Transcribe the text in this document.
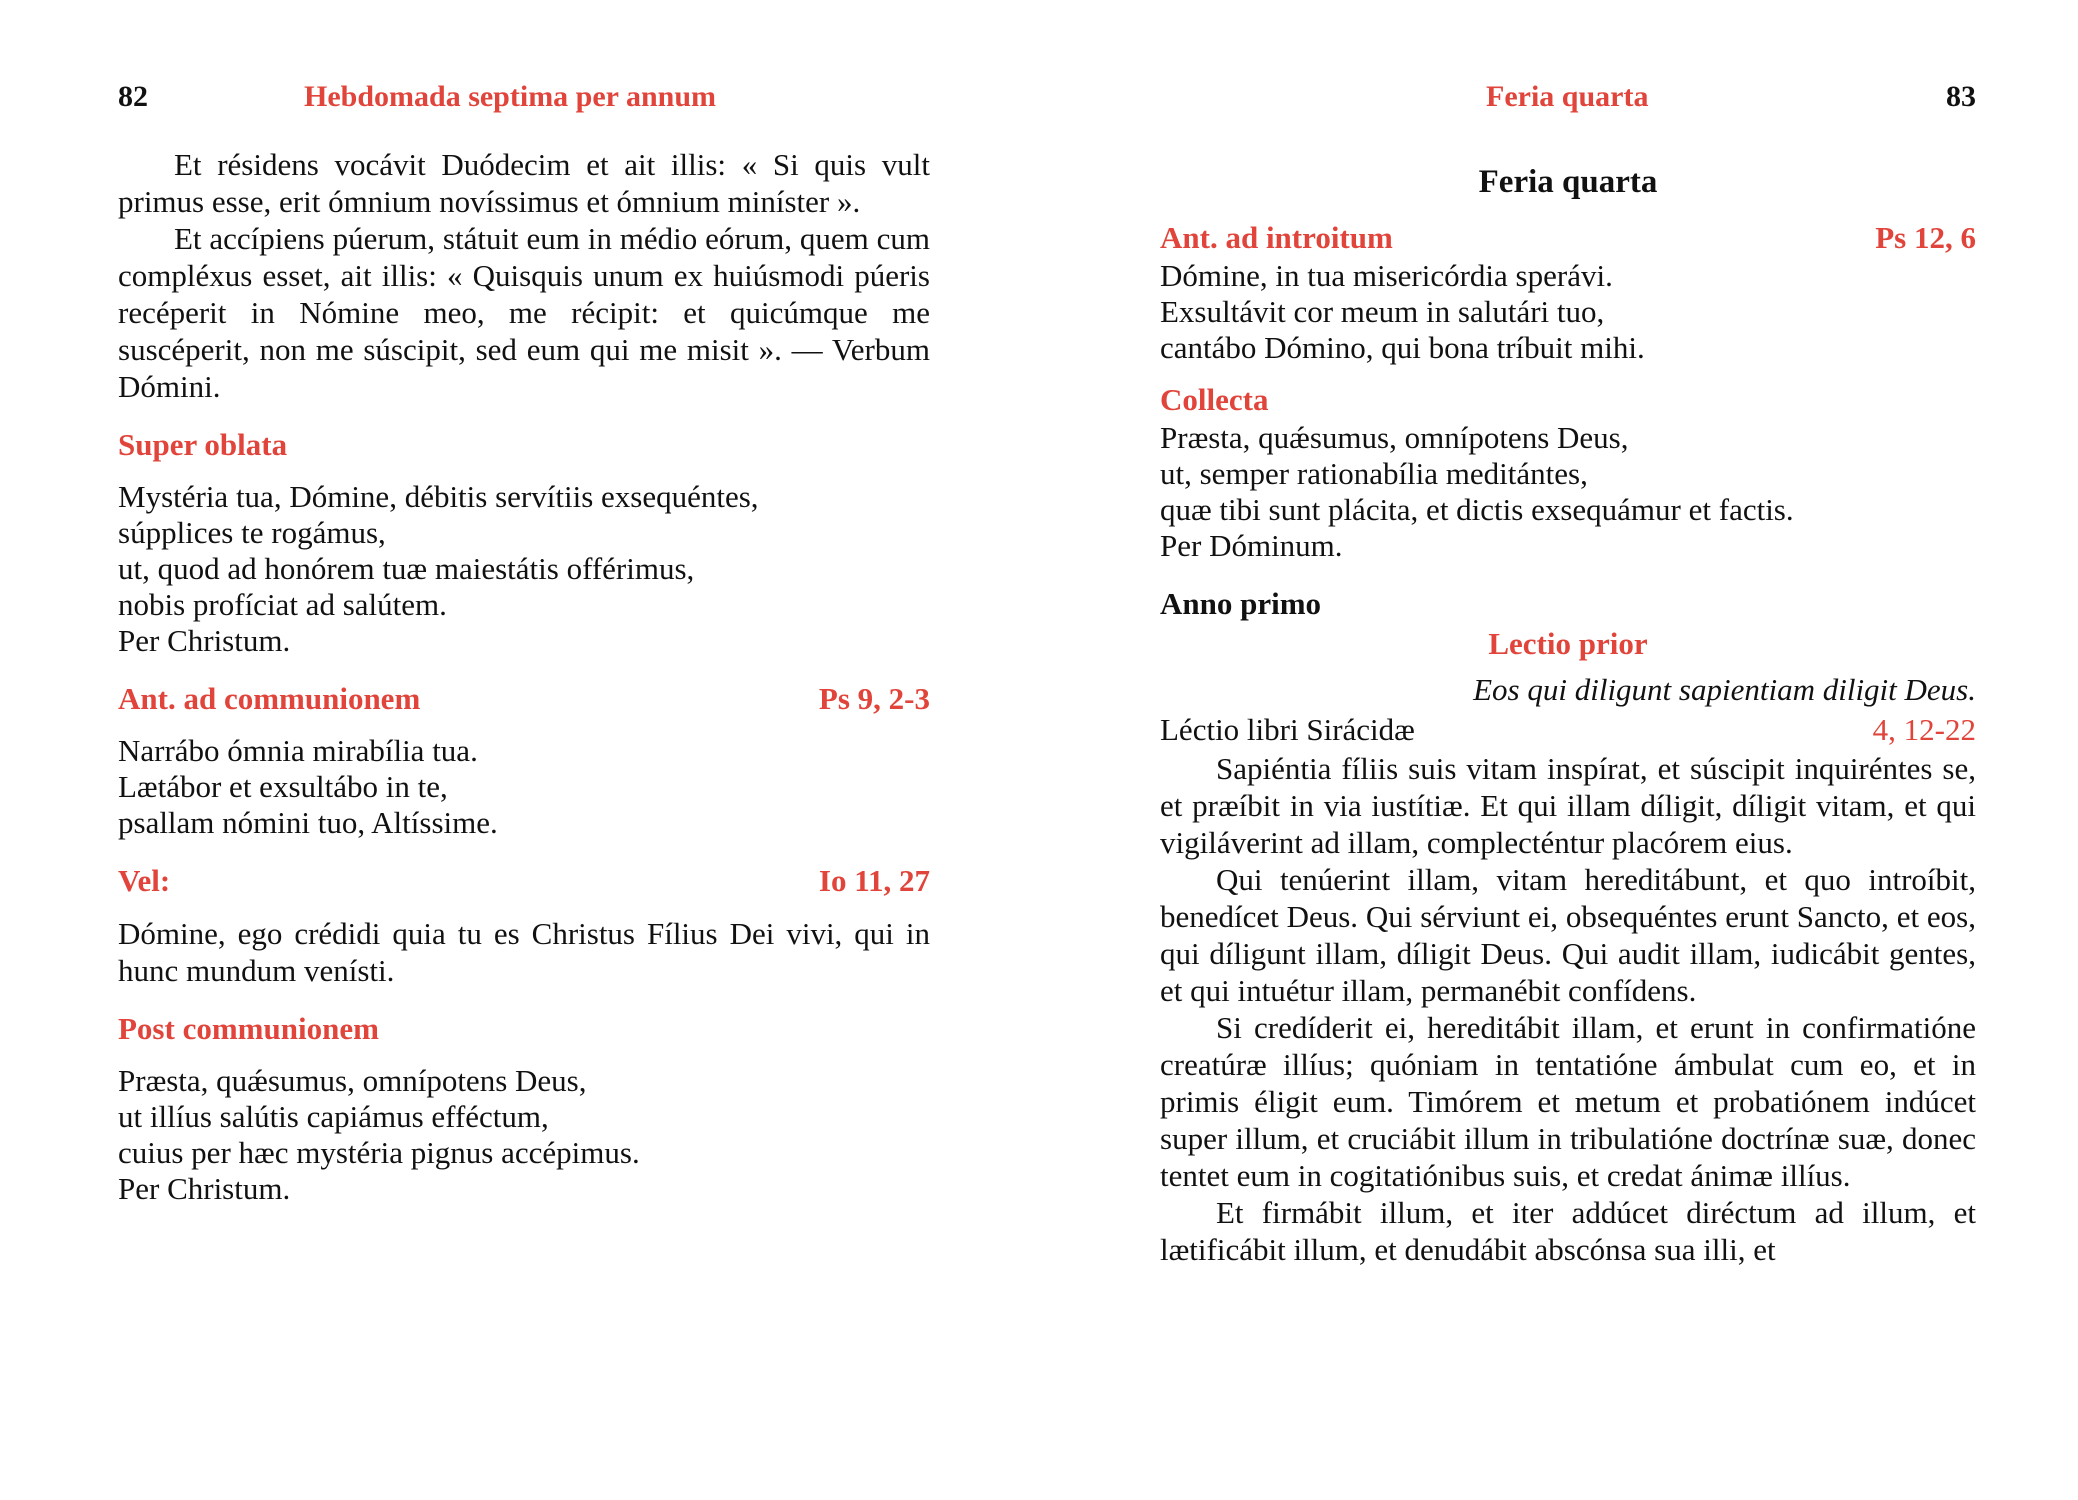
82	Hebdomada septima per annum

Et résidens vocávit Duódecim et ait illis: « Si quis vult primus esse, erit ómnium novíssimus et ómnium miníster ».

Et accípiens púerum, státuit eum in médio eórum, quem cum compléxus esset, ait illis: « Quisquis unum ex huiúsmodi púeris recéperit in Nómine meo, me récipit: et quicúmque me suscéperit, non me súscipit, sed eum qui me misit ». — Verbum Dómini.

Super oblata

Mystéria tua, Dómine, débitis servítiis exsequéntes,

súpplices te rogámus,

ut, quod ad honórem tuæ maiestátis offérimus,

nobis profíciat ad salútem.

Per Christum.

Ant. ad communionem	Ps 9, 2-3

Narrábo ómnia mirabília tua.

Lætábor et exsultábo in te,

psallam nómini tuo, Altíssime.

Vel:	Io 11, 27

Dómine, ego crédidi quia tu es Christus Fílius Dei vivi, qui in hunc mundum venísti.

Post communionem

Præsta, quǽsumus, omnípotens Deus,

ut illíus salútis capiámus efféctum,

cuius per hæc mystéria pignus accépimus.

Per Christum.

Feria quarta	83

Feria quarta

Ant. ad introitum	Ps 12, 6

Dómine, in tua misericórdia sperávi.

Exsultávit cor meum in salutári tuo,

cantábo Dómino, qui bona tríbuit mihi.

Collecta

Præsta, quǽsumus, omnípotens Deus,

ut, semper rationabília meditántes,

quæ tibi sunt plácita, et dictis exsequámur et factis.

Per Dóminum.

Anno primo

Lectio prior

Eos qui diligunt sapientiam diligit Deus.

Léctio libri Sirácidæ	4, 12-22

Sapiéntia fíliis suis vitam inspírat, et súscipit inquiréntes se, et præíbit in via iustítiæ. Et qui illam díligit, díligit vitam, et qui vigiláverint ad illam, complecténtur placórem eius.

Qui tenúerint illam, vitam hereditábunt, et quo introíbit, benedícet Deus. Qui sérviunt ei, obsequéntes erunt Sancto, et eos, qui díligunt illam, díligit Deus. Qui audit illam, iudicábit gentes, et qui intuétur illam, permanébit confídens.

Si credíderit ei, hereditábit illam, et erunt in confirmatióne creatúræ illíus; quóniam in tentatióne ámbulat cum eo, et in primis éligit eum. Timórem et metum et probatiónem indúcet super illum, et cruciábit illum in tribulatióne doctrínæ suæ, donec tentet eum in cogitatiónibus suis, et credat ánimæ illíus.

Et firmábit illum, et iter addúcet diréctum ad illum, et lætificábit illum, et denudábit abscónsa sua illi, et
